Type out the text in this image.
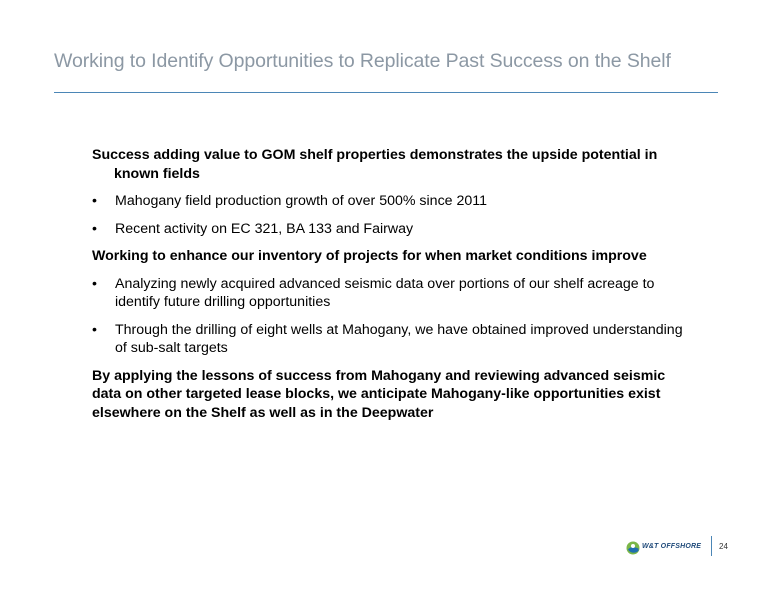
Working to Identify Opportunities to Replicate Past Success on the Shelf

Success adding value to GOM shelf properties demonstrates the upside potential in known fields

• Mahogany field production growth of over 500% since 2011
• Recent activity on EC 321, BA 133 and Fairway

Working to enhance our inventory of projects for when market conditions improve

• Analyzing newly acquired advanced seismic data over portions of our shelf acreage to identify future drilling opportunities
• Through the drilling of eight wells at Mahogany, we have obtained improved understanding of sub-salt targets

By applying the lessons of success from Mahogany and reviewing advanced seismic data on other targeted lease blocks, we anticipate Mahogany-like opportunities exist elsewhere on the Shelf as well as in the Deepwater

W&T OFFSHORE 24
